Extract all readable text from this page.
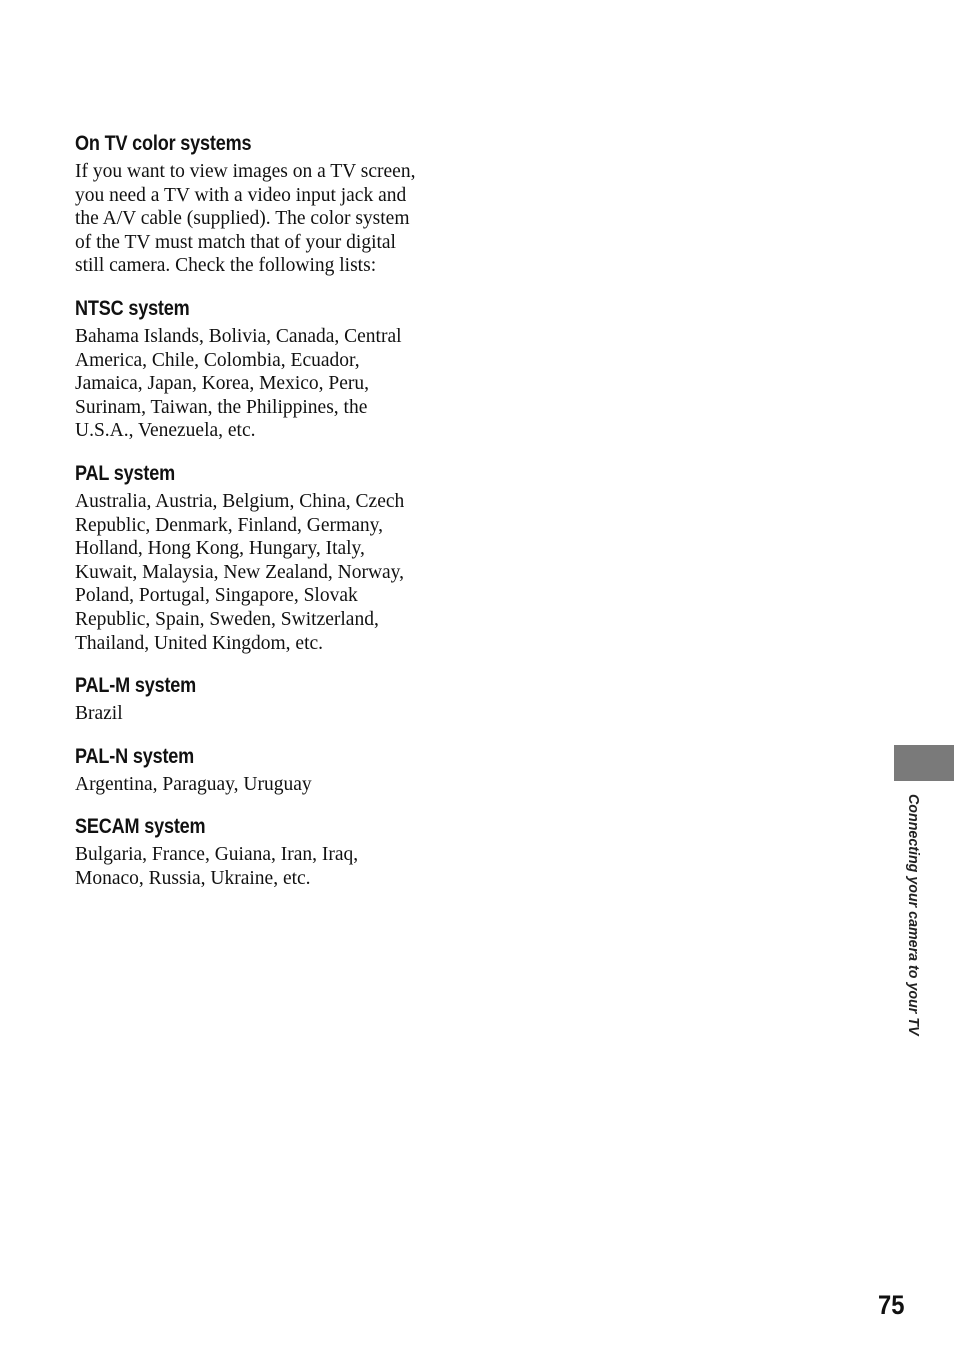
On TV color systems
If you want to view images on a TV screen,
you need a TV with a video input jack and
the A/V cable (supplied). The color system
of the TV must match that of your digital
still camera. Check the following lists:
NTSC system
Bahama Islands, Bolivia, Canada, Central
America, Chile, Colombia, Ecuador,
Jamaica, Japan, Korea, Mexico, Peru,
Surinam, Taiwan, the Philippines, the
U.S.A., Venezuela, etc.
PAL system
Australia, Austria, Belgium, China, Czech
Republic, Denmark, Finland, Germany,
Holland, Hong Kong, Hungary, Italy,
Kuwait, Malaysia, New Zealand, Norway,
Poland, Portugal, Singapore, Slovak
Republic, Spain, Sweden, Switzerland,
Thailand, United Kingdom, etc.
PAL-M system
Brazil
PAL-N system
Argentina, Paraguay, Uruguay
SECAM system
Bulgaria, France, Guiana, Iran, Iraq,
Monaco, Russia, Ukraine, etc.	Connecting your camera to your TV
75
